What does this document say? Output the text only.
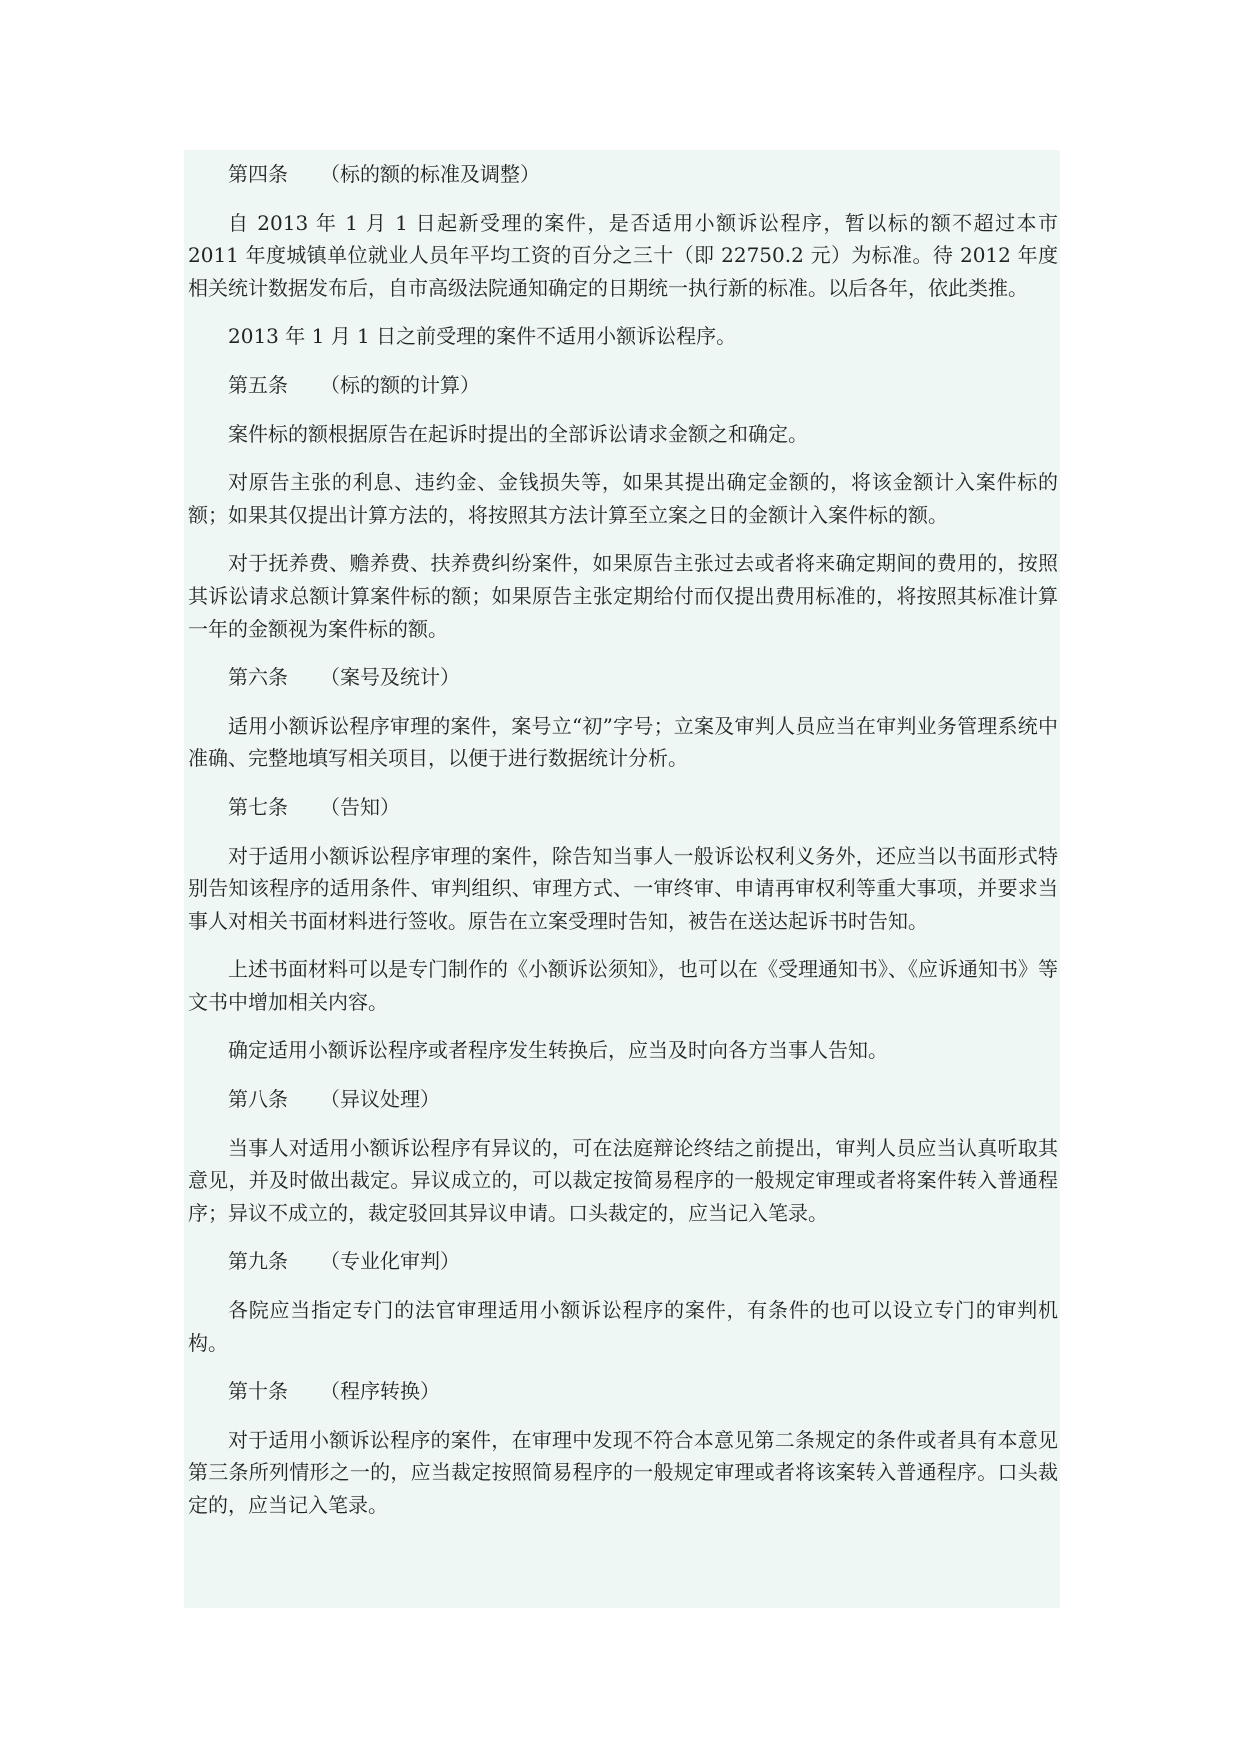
第四条 （标的额的标准及调整）

自 2013 年 1 月 1 日起新受理的案件，是否适用小额诉讼程序，暂以标的额不超过本市 2011 年度城镇单位就业人员年平均工资的百分之三十（即 22750.2 元）为标准。待 2012 年度相关统计数据发布后，自市高级法院通知确定的日期统一执行新的标准。以后各年，依此类推。

2013 年 1 月 1 日之前受理的案件不适用小额诉讼程序。

第五条 （标的额的计算）

案件标的额根据原告在起诉时提出的全部诉讼请求金额之和确定。

对原告主张的利息、违约金、金钱损失等，如果其提出确定金额的，将该金额计入案件标的额；如果其仅提出计算方法的，将按照其方法计算至立案之日的金额计入案件标的额。

对于抚养费、赡养费、扶养费纠纷案件，如果原告主张过去或者将来确定期间的费用的，按照其诉讼请求总额计算案件标的额；如果原告主张定期给付而仅提出费用标准的，将按照其标准计算一年的金额视为案件标的额。

第六条 （案号及统计）

适用小额诉讼程序审理的案件，案号立“初”字号；立案及审判人员应当在审判业务管理系统中准确、完整地填写相关项目，以便于进行数据统计分析。

第七条 （告知）

对于适用小额诉讼程序审理的案件，除告知当事人一般诉讼权利义务外，还应当以书面形式特别告知该程序的适用条件、审判组织、审理方式、一审终审、申请再审权利等重大事项，并要求当事人对相关书面材料进行签收。原告在立案受理时告知，被告在送达起诉书时告知。

上述书面材料可以是专门制作的《小额诉讼须知》，也可以在《受理通知书》、《应诉通知书》等文书中增加相关内容。

确定适用小额诉讼程序或者程序发生转换后，应当及时向各方当事人告知。

第八条 （异议处理）

当事人对适用小额诉讼程序有异议的，可在法庭辩论终结之前提出，审判人员应当认真听取其意见，并及时做出裁定。异议成立的，可以裁定按简易程序的一般规定审理或者将案件转入普通程序；异议不成立的，裁定驳回其异议申请。口头裁定的，应当记入笔录。

第九条 （专业化审判）

各院应当指定专门的法官审理适用小额诉讼程序的案件，有条件的也可以设立专门的审判机构。

第十条 （程序转换）

对于适用小额诉讼程序的案件，在审理中发现不符合本意见第二条规定的条件或者具有本意见第三条所列情形之一的，应当裁定按照简易程序的一般规定审理或者将该案转入普通程序。口头裁定的，应当记入笔录。
